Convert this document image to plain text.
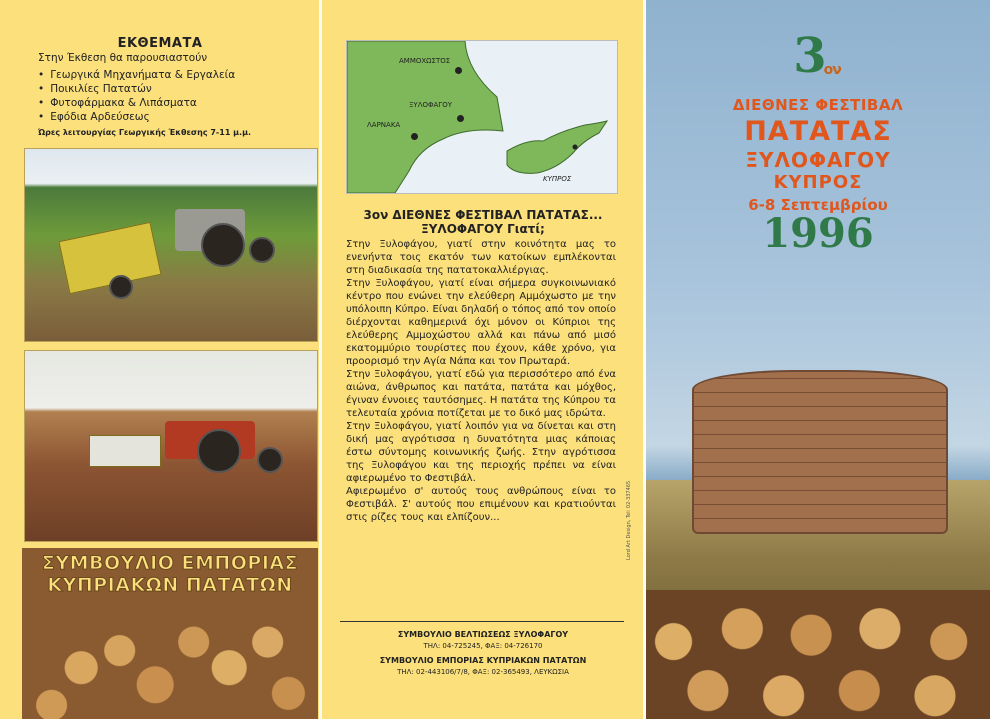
ΕΚΘΕΜΑΤΑ
Στην Έκθεση θα παρουσιαστούν
• Γεωργικά Μηχανήματα & Εργαλεία
• Ποικιλίες Πατατών
• Φυτοφάρμακα & Λιπάσματα
• Εφόδια Αρδεύσεως
Ώρες λειτουργίας Γεωργικής Έκθεσης 7-11 μ.μ.
ΣΥΜΒΟΥΛΙΟ ΕΜΠΟΡΙΑΣ
ΚΥΠΡΙΑΚΩΝ ΠΑΤΑΤΩΝ
ΑΜΜΟΧΩΣΤΟΣ
ΞΥΛΟΦΑΓΟΥ
ΛΑΡΝΑΚΑ
ΚΥΠΡΟΣ
3ον ΔΙΕΘΝΕΣ ΦΕΣΤΙΒΑΛ ΠΑΤΑΤΑΣ...
ΞΥΛΟΦΑΓΟΥ Γιατί;

Στην Ξυλοφάγου, γιατί στην κοινότητα μας το ενενήντα τοις εκατόν των κατοίκων εμπλέκονται στη διαδικασία της πατατοκαλλιέργιας.

Στην Ξυλοφάγου, γιατί είναι σήμερα συγκοινωνιακό κέντρο που ενώνει την ελεύθερη Αμμόχωστο με την υπόλοιπη Κύπρο. Είναι δηλαδή ο τόπος από τον οποίο διέρχονται καθημερινά όχι μόνον οι Κύπριοι της ελεύθερης Αμμοχώστου αλλά και πάνω από μισό εκατομμύριο τουρίστες που έχουν, κάθε χρόνο, για προορισμό την Αγία Νάπα και τον Πρωταρά.

Στην Ξυλοφάγου, γιατί εδώ για περισσότερο από ένα αιώνα, άνθρωπος και πατάτα, πατάτα και μόχθος, έγιναν έννοιες ταυτόσημες. Η πατάτα της Κύπρου τα τελευταία χρόνια ποτίζεται με το δικό μας ιδρώτα.

Στην Ξυλοφάγου, γιατί λοιπόν για να δίνεται και στη δική μας αγρότισσα η δυνατότητα μιας κάποιας έστω σύντομης κοινωνικής ζωής. Στην αγρότισσα της Ξυλοφάγου και της περιοχής πρέπει να είναι αφιερωμένο το Φεστιβάλ.

Αφιερωμένο σ' αυτούς τους ανθρώπους είναι το Φεστιβάλ. Σ' αυτούς που επιμένουν και κρατιούνται στις ρίζες τους και ελπίζουν...

ΣΥΜΒΟΥΛΙΟ ΒΕΛΤΙΩΣΕΩΣ ΞΥΛΟΦΑΓΟΥ
ΤΗΛ: 04-725245, ΦΑΞ: 04-726170
ΣΥΜΒΟΥΛΙΟ ΕΜΠΟΡΙΑΣ ΚΥΠΡΙΑΚΩΝ ΠΑΤΑΤΩΝ
ΤΗΛ: 02-443106/7/8, ΦΑΞ: 02-365493, ΛΕΥΚΩΣΙΑ
Lord Art Design, Tel: 02-337465
$3^{o\nu}$
ΔΙΕΘΝΕΣ ΦΕΣΤΙΒΑΛ
ΠΑΤΑΤΑΣ
ΞΥΛΟΦΑΓΟΥ
ΚΥΠΡΟΣ
6-8 Σεπτεμβρίου
1996
